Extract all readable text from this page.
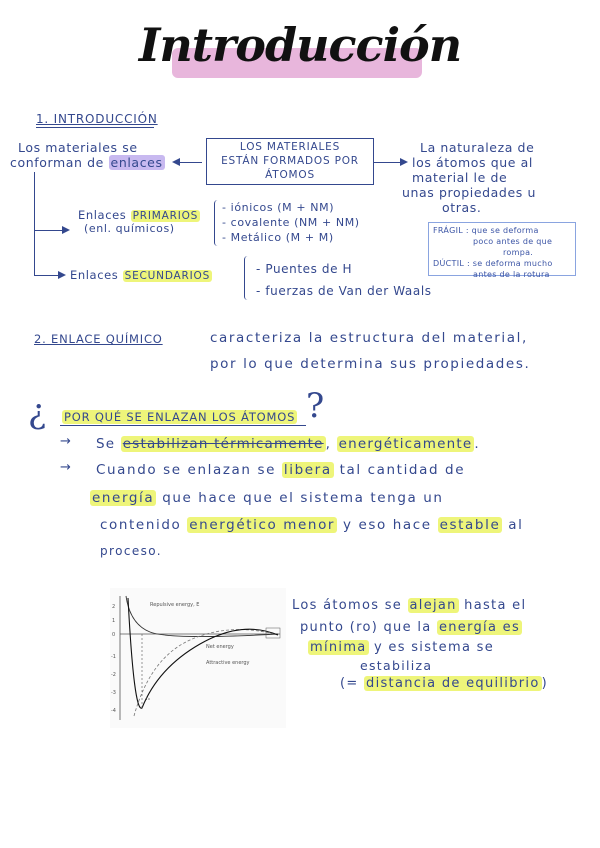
Introducción
1. INTRODUCCIÓN
Los materiales se
conforman de enlaces
LOS MATERIALES
ESTÁN FORMADOS POR
ÁTOMOS
La naturaleza de
los átomos que al
material le de
unas propiedades u
otras.
Enlaces PRIMARIOS
(enl. químicos)
- iónicos (M + NM)
- covalente (NM + NM)
- Metálico (M + M)
FRÁGIL : que se deforma
poco antes de que
rompa.
DÚCTIL : se deforma mucho
antes de la rotura
Enlaces SECUNDARIOS	- Puentes de H
- fuerzas de Van der Waals
2. ENLACE QUÍMICO	caracteriza la estructura del material,
por lo que determina sus propiedades.
¿ POR QUÉ SE ENLAZAN LOS ÁTOMOS ?
→ Se estabilizan térmicamente , energéticamente .
→ Cuando se enlazan se libera tal cantidad de
energía que hace que el sistema tenga un
contenido energético menor y eso hace estable al
proceso.
2
1
0
-1
-2
-3
-4
r₀
Repulsive energy, E
Net energy
Attractive energy
Los átomos se alejan hasta el
punto (ro) que la energía es
mínima y es sistema se
estabiliza
(= distancia de equilibrio )
